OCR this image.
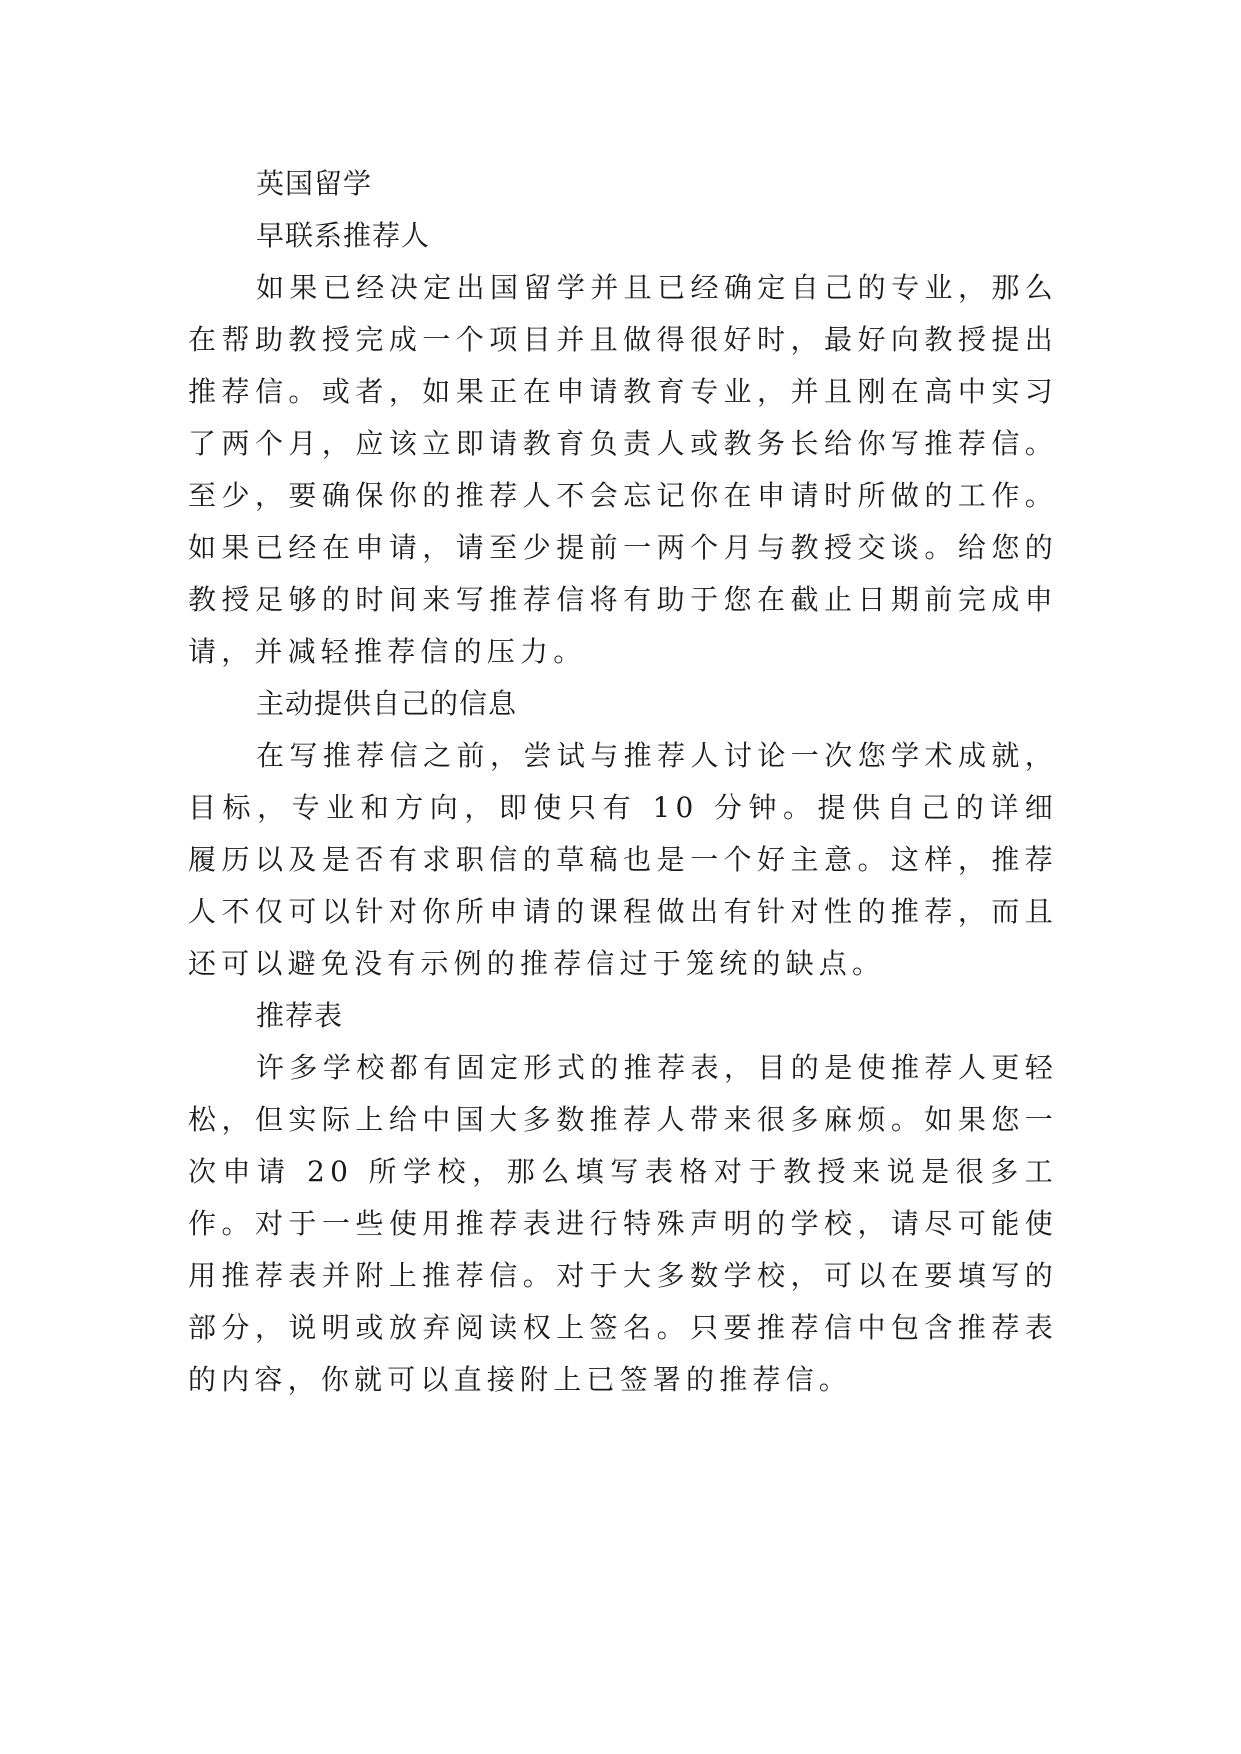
英国留学

早联系推荐人

如果已经决定出国留学并且已经确定自己的专业，那么在帮助教授完成一个项目并且做得很好时，最好向教授提出推荐信。或者，如果正在申请教育专业，并且刚在高中实习了两个月，应该立即请教育负责人或教务长给你写推荐信。至少，要确保你的推荐人不会忘记你在申请时所做的工作。如果已经在申请，请至少提前一两个月与教授交谈。给您的教授足够的时间来写推荐信将有助于您在截止日期前完成申请，并减轻推荐信的压力。

主动提供自己的信息

在写推荐信之前，尝试与推荐人讨论一次您学术成就，目标，专业和方向，即使只有 10 分钟。提供自己的详细履历以及是否有求职信的草稿也是一个好主意。这样，推荐人不仅可以针对你所申请的课程做出有针对性的推荐，而且还可以避免没有示例的推荐信过于笼统的缺点。

推荐表

许多学校都有固定形式的推荐表，目的是使推荐人更轻松，但实际上给中国大多数推荐人带来很多麻烦。如果您一次申请 20 所学校，那么填写表格对于教授来说是很多工作。对于一些使用推荐表进行特殊声明的学校，请尽可能使用推荐表并附上推荐信。对于大多数学校，可以在要填写的部分，说明或放弃阅读权上签名。只要推荐信中包含推荐表的内容，你就可以直接附上已签署的推荐信。
